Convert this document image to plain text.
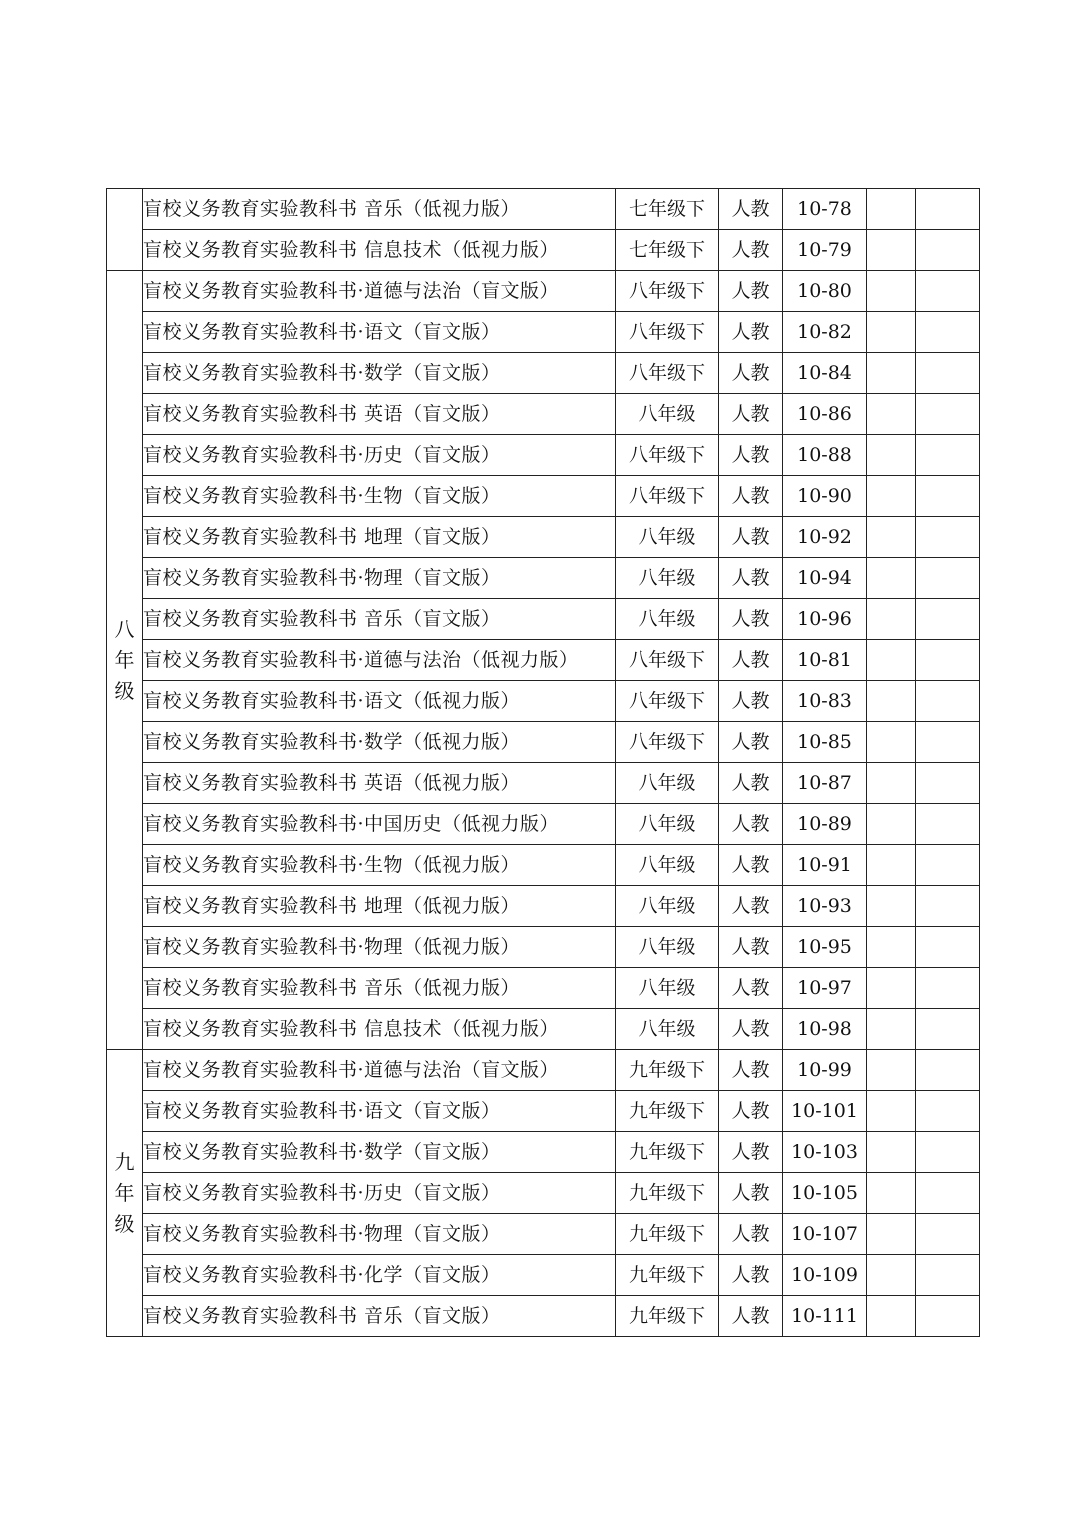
	盲校义务教育实验教科书 音乐（低视力版）	七年级下	人教	10-78		
	盲校义务教育实验教科书 信息技术（低视力版）	七年级下	人教	10-79		

八年级	盲校义务教育实验教科书·道德与法治（盲文版）	八年级下	人教	10-80		
	盲校义务教育实验教科书·语文（盲文版）	八年级下	人教	10-82		
	盲校义务教育实验教科书·数学（盲文版）	八年级下	人教	10-84		
	盲校义务教育实验教科书 英语（盲文版）	八年级	人教	10-86		
	盲校义务教育实验教科书·历史（盲文版）	八年级下	人教	10-88		
	盲校义务教育实验教科书·生物（盲文版）	八年级下	人教	10-90		
	盲校义务教育实验教科书 地理（盲文版）	八年级	人教	10-92		
	盲校义务教育实验教科书·物理（盲文版）	八年级	人教	10-94		
	盲校义务教育实验教科书 音乐（盲文版）	八年级	人教	10-96		
	盲校义务教育实验教科书·道德与法治（低视力版）	八年级下	人教	10-81		
	盲校义务教育实验教科书·语文（低视力版）	八年级下	人教	10-83		
	盲校义务教育实验教科书·数学（低视力版）	八年级下	人教	10-85		
	盲校义务教育实验教科书 英语（低视力版）	八年级	人教	10-87		
	盲校义务教育实验教科书·中国历史（低视力版）	八年级	人教	10-89		
	盲校义务教育实验教科书·生物（低视力版）	八年级	人教	10-91		
	盲校义务教育实验教科书 地理（低视力版）	八年级	人教	10-93		
	盲校义务教育实验教科书·物理（低视力版）	八年级	人教	10-95		
	盲校义务教育实验教科书 音乐（低视力版）	八年级	人教	10-97		
	盲校义务教育实验教科书 信息技术（低视力版）	八年级	人教	10-98		

九年级	盲校义务教育实验教科书·道德与法治（盲文版）	九年级下	人教	10-99		
	盲校义务教育实验教科书·语文（盲文版）	九年级下	人教	10-101		
	盲校义务教育实验教科书·数学（盲文版）	九年级下	人教	10-103		
	盲校义务教育实验教科书·历史（盲文版）	九年级下	人教	10-105		
	盲校义务教育实验教科书·物理（盲文版）	九年级下	人教	10-107		
	盲校义务教育实验教科书·化学（盲文版）	九年级下	人教	10-109		
	盲校义务教育实验教科书 音乐（盲文版）	九年级下	人教	10-111		
